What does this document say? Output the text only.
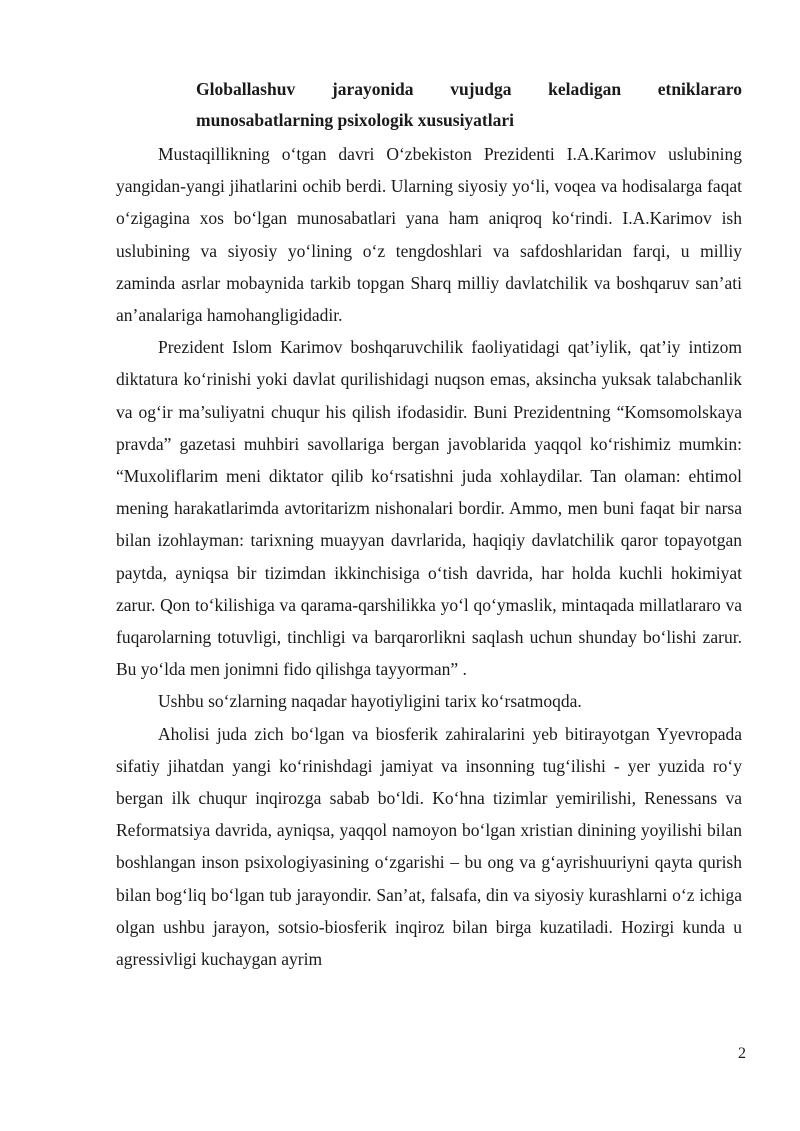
Globallashuv jarayonida vujudga keladigan etniklararo munosabatlarning psixologik xususiyatlari

Mustaqillikning o‘tgan davri O‘zbekiston Prezidenti I.A.Karimov uslubining yangidan-yangi jihatlarini ochib berdi. Ularning siyosiy yo‘li, voqea va hodisalarga faqat o‘zigagina xos bo‘lgan munosabatlari yana ham aniqroq ko‘rindi. I.A.Karimov ish uslubining va siyosiy yo‘lining o‘z tengdoshlari va safdoshlaridan farqi, u milliy zaminda asrlar mobaynida tarkib topgan Sharq milliy davlatchilik va boshqaruv san’ati an’analariga hamohangligidadir.

Prezident Islom Karimov boshqaruvchilik faoliyatidagi qat’iylik, qat’iy intizom diktatura ko‘rinishi yoki davlat qurilishidagi nuqson emas, aksincha yuksak talabchanlik va og‘ir ma’suliyatni chuqur his qilish ifodasidir. Buni Prezidentning “Komsomolskaya pravda” gazetasi muhbiri savollariga bergan javoblarida yaqqol ko‘rishimiz mumkin: “Muxoliflarim meni diktator qilib ko‘rsatishni juda xohlaydilar. Tan olaman: ehtimol mening harakatlarimda avtoritarizm nishonalari bordir. Ammo, men buni faqat bir narsa bilan izohlayman: tarixning muayyan davrlarida, haqiqiy davlatchilik qaror topayotgan paytda, ayniqsa bir tizimdan ikkinchisiga o‘tish davrida, har holda kuchli hokimiyat zarur. Qon to‘kilishiga va qarama-qarshilikka yo‘l qo‘ymaslik, mintaqada millatlararo va fuqarolarning totuvligi, tinchligi va barqarorlikni saqlash uchun shunday bo‘lishi zarur. Bu yo‘lda men jonimni fido qilishga tayyorman” .

Ushbu so‘zlarning naqadar hayotiyligini tarix ko‘rsatmoqda.

Aholisi juda zich bo‘lgan va biosferik zahiralarini yeb bitirayotgan Yyevropada sifatiy jihatdan yangi ko‘rinishdagi jamiyat va insonning tug‘ilishi - yer yuzida ro‘y bergan ilk chuqur inqirozga sabab bo‘ldi. Ko‘hna tizimlar yemirilishi, Renessans va Reformatsiya davrida, ayniqsa, yaqqol namoyon bo‘lgan xristian dinining yoyilishi bilan boshlangan inson psixologiyasining o‘zgarishi – bu ong va g‘ayrishuuriyni qayta qurish bilan bog‘liq bo‘lgan tub jarayondir. San’at, falsafa, din va siyosiy kurashlarni o‘z ichiga olgan ushbu jarayon, sotsio-biosferik inqiroz bilan birga kuzatiladi. Hozirgi kunda u agressivligi kuchaygan ayrim

2
